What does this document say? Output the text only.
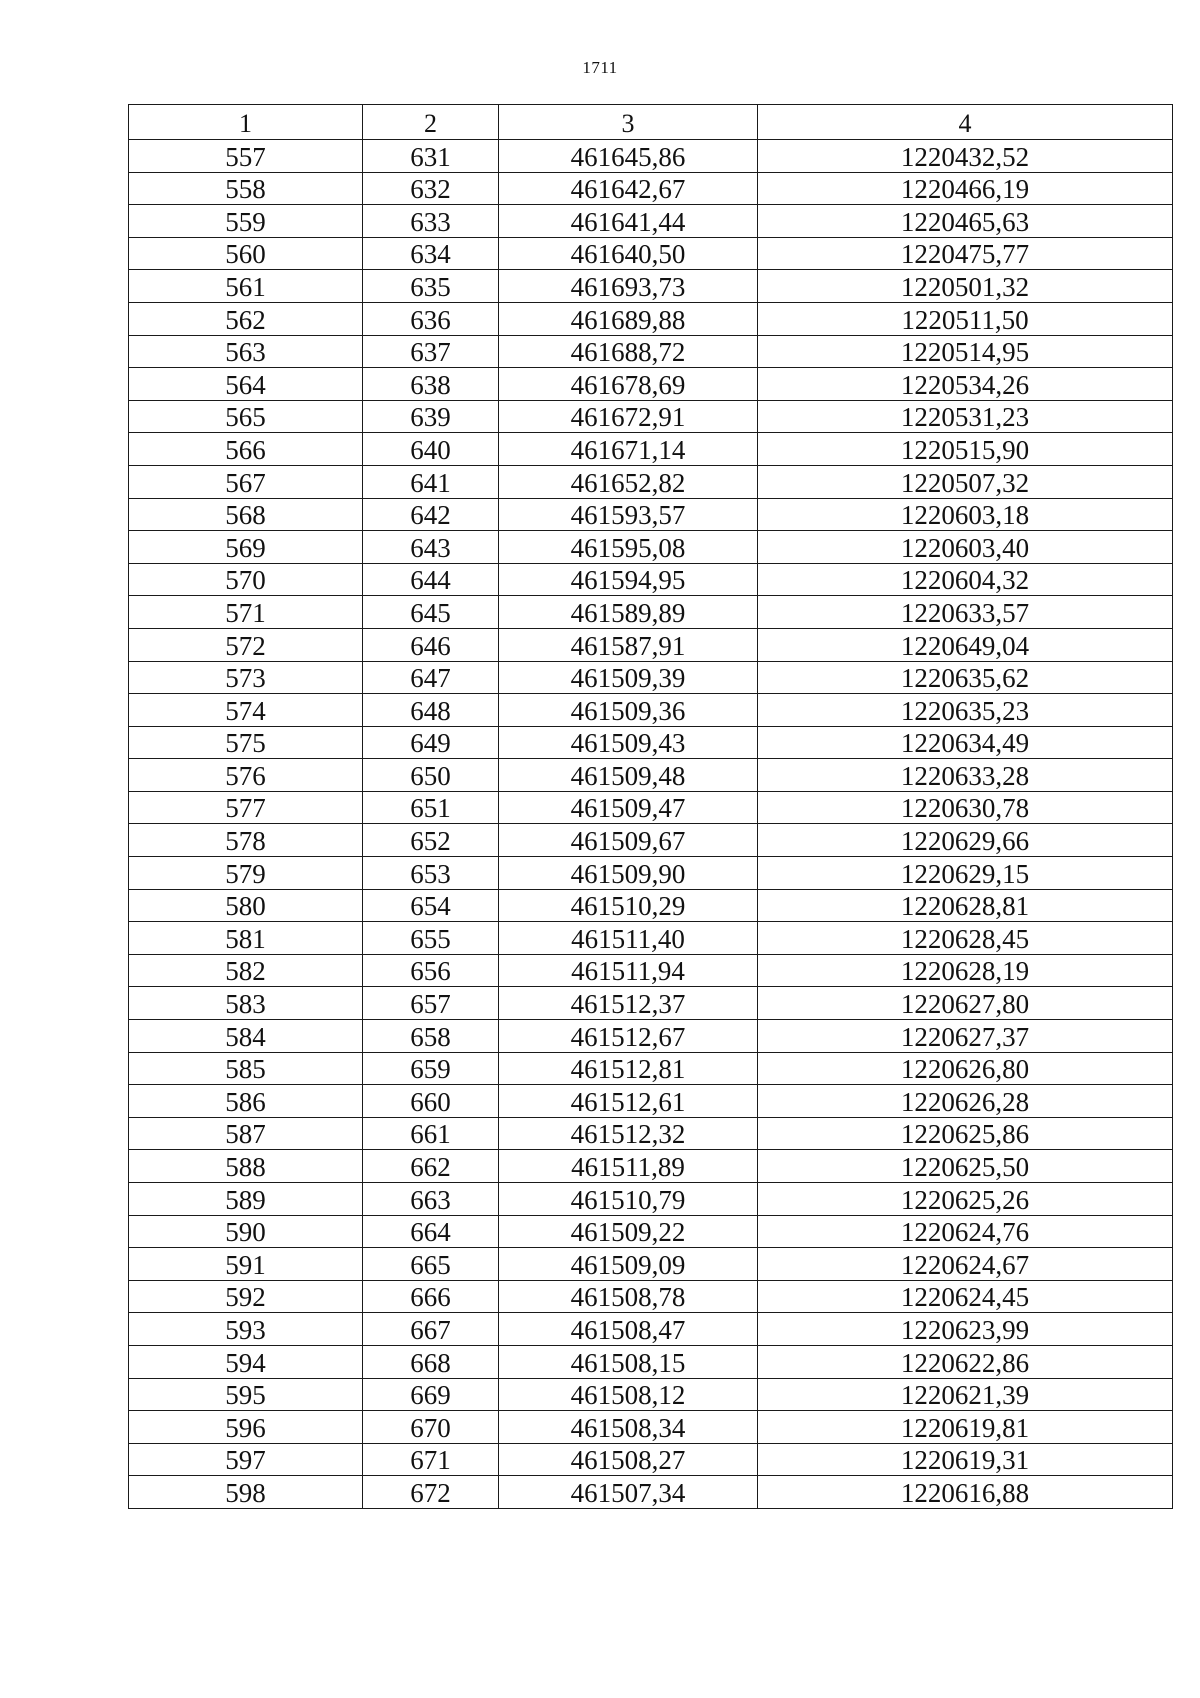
1711
1	2	3	4
557	631	461645,86	1220432,52
558	632	461642,67	1220466,19
559	633	461641,44	1220465,63
560	634	461640,50	1220475,77
561	635	461693,73	1220501,32
562	636	461689,88	1220511,50
563	637	461688,72	1220514,95
564	638	461678,69	1220534,26
565	639	461672,91	1220531,23
566	640	461671,14	1220515,90
567	641	461652,82	1220507,32
568	642	461593,57	1220603,18
569	643	461595,08	1220603,40
570	644	461594,95	1220604,32
571	645	461589,89	1220633,57
572	646	461587,91	1220649,04
573	647	461509,39	1220635,62
574	648	461509,36	1220635,23
575	649	461509,43	1220634,49
576	650	461509,48	1220633,28
577	651	461509,47	1220630,78
578	652	461509,67	1220629,66
579	653	461509,90	1220629,15
580	654	461510,29	1220628,81
581	655	461511,40	1220628,45
582	656	461511,94	1220628,19
583	657	461512,37	1220627,80
584	658	461512,67	1220627,37
585	659	461512,81	1220626,80
586	660	461512,61	1220626,28
587	661	461512,32	1220625,86
588	662	461511,89	1220625,50
589	663	461510,79	1220625,26
590	664	461509,22	1220624,76
591	665	461509,09	1220624,67
592	666	461508,78	1220624,45
593	667	461508,47	1220623,99
594	668	461508,15	1220622,86
595	669	461508,12	1220621,39
596	670	461508,34	1220619,81
597	671	461508,27	1220619,31
598	672	461507,34	1220616,88
